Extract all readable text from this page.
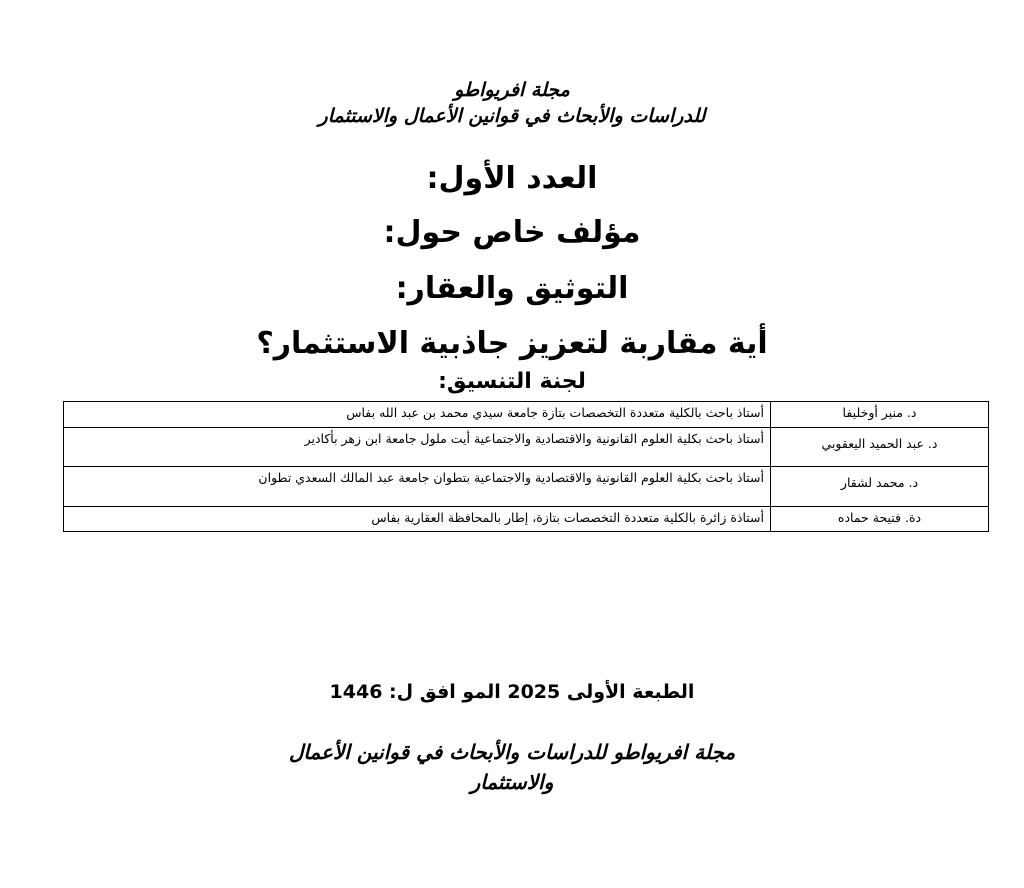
مجلة افريواطو
للدراسات والأبحاث في قوانين الأعمال والاستثمار
العدد الأول:
مؤلف خاص حول:
التوثيق والعقار:
أية مقاربة لتعزيز جاذبية الاستثمار؟
لجنة التنسيق:
د. منير أوخليفا	أستاذ باحث بالكلية متعددة التخصصات بتازة جامعة سيدي محمد بن عبد الله بفاس

د. عبد الحميد اليعقوبي	أستاذ باحث بكلية العلوم القانونية والاقتصادية والاجتماعية أيت ملول جامعة ابن زهر بأكادير

د. محمد لشقار	أستاذ باحث بكلية العلوم القانونية والاقتصادية والاجتماعية بتطوان جامعة عبد المالك السعدي تطوان

دة. فتيحة حماده	أستاذة زائرة بالكلية متعددة التخصصات بتازة، إطار بالمحافظة العقارية بفاس
الطبعة الأولى 2025 المو افق ل: 1446
مجلة افريواطو للدراسات والأبحاث في قوانين الأعمال
والاستثمار
